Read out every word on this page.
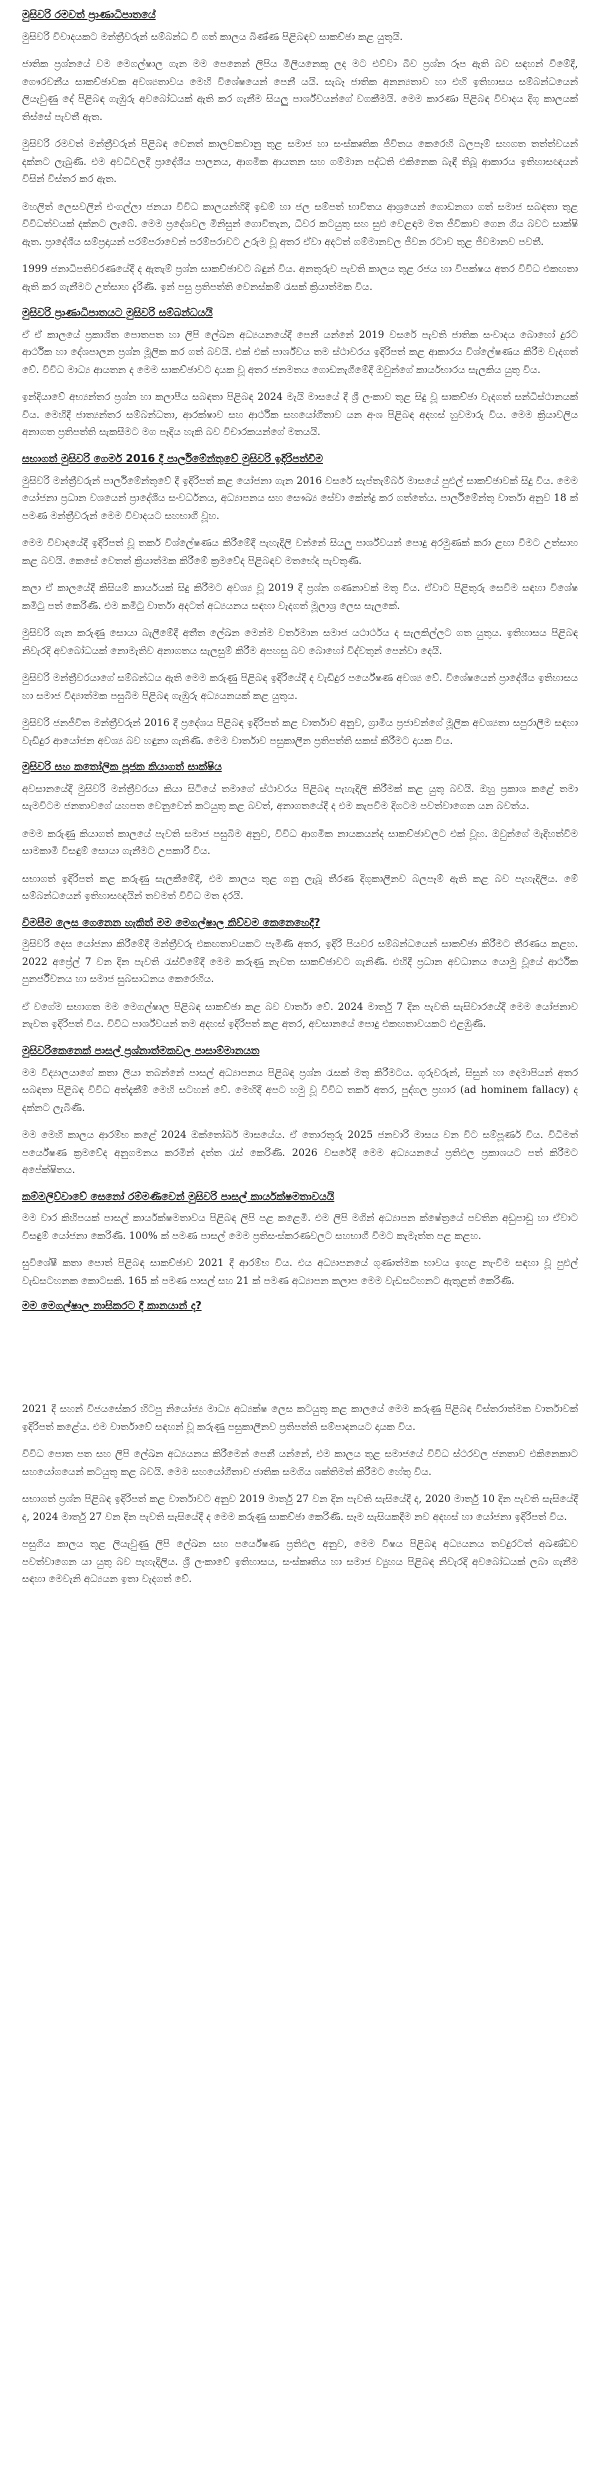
මුසිවරි රමවත් ප්‍රාණාධිපාතයේ

මුසිවරි විවාදයකට මන්ත්‍රීවරුන් සම්බන්ධ වී ගත් කාලය බිණ්ණ පිළිබඳව සාකච්ඡා කළ යුතුයි.

ජාතික ප්‍රශ්නයේ වම මෙගල්ෂාල ගැන මම පෙනෙන් ලිපිය මිලියනෙකු ලද මට එව්වා බීව ප්‍රශ්න රූප ඇති බව සඳහන් වීමේදී, ගෞරවනීය සාකච්ඡාවක අවශ්‍යතාවය මෙහි විශේෂයෙන් පෙනී යයි. සැබෑ ජාතික අනන්‍යතාව හා එහි ඉතිහාසය සම්බන්ධයෙන් ලියැවුණු දේ පිළිබඳ ගැඹුරු අවබෝධයක් ඇති කර ගැනීම සියලු පාර්ශ්වයන්ගේ වගකීමයි. මෙම කාරණා පිළිබඳ විවාදය දිගු කාලයක් තිස්සේ පැවතී ඇත.

මුසිවරි රමවත් මන්ත්‍රීවරුන් පිළිබඳ වෙනත් කාලවකවානු තුළ සමාජ හා සංස්කෘතික ජීවිතය කෙරෙහි බලපෑම් සහගත තත්ත්වයන් දක්නට ලැබුණි. එම අවධිවලදී ප්‍රාදේශීය පාලනය, ආගමික ආයතන සහ ගම්මාන පද්ධති එකිනෙක බැඳී තිබූ ආකාරය ඉතිහාසඥයන් විසින් විස්තර කර ඇත.

මහලිත් ලෙසවලින් එංගල්ලා ජනයා විවිධ කාලයන්හිදී ඉඩම් හා ජල සම්පත් භාවිතය ආශ්‍රයෙන් ගොඩනගා ගත් සමාජ සබඳතා තුළ විවිධත්වයක් දක්නට ලැබේ. මෙම ප්‍රදේශවල මිනිසුන් ගොවිතැන, ධීවර කටයුතු සහ සුළු වෙළඳාම මත ජීවිකාව ගෙන ගිය බවට සාක්ෂි ඇත. ප්‍රාදේශීය සම්ප්‍රදායන් පරම්පරාවෙන් පරම්පරාවට උරුම වූ අතර ඒවා අදටත් ගම්මානවල ජීවන රටාව තුළ ජීවමානව පවතී.

1999 ජනාධිපතිවරණයේදී ද ඇතැම් ප්‍රශ්න සාකච්ඡාවට බඳුන් විය. අනතුරුව පැවති කාලය තුළ රජය හා විපක්ෂය අතර විවිධ එකඟතා ඇති කර ගැනීමට උත්සාහ දැරිණි. ඉන් පසු ප්‍රතිපත්ති වෙනස්කම් රැසක් ක්‍රියාත්මක විය.

මුසිවරි ප්‍රාණාධිපාතයට මුසිවරි සම්බන්ධයයි

ඒ ඒ කාලයේ ප්‍රකාශිත පොතපත හා ලිපි ලේඛන අධ්‍යයනයේදී පෙනී යන්නේ 2019 වසරේ පැවති ජාතික සංවාදය බොහෝ දුරට ආර්ථික හා දේශපාලන ප්‍රශ්න මූලික කර ගත් බවයි. එක් එක් පාර්ශ්වය තම ස්ථාවරය ඉදිරිපත් කළ ආකාරය විශ්ලේෂණය කිරීම වැදගත් වේ. විවිධ මාධ්‍ය ආයතන ද මෙම සාකච්ඡාවට දායක වූ අතර ජනමතය ගොඩනැගීමේදී ඔවුන්ගේ කාර්යභාරය සැලකිය යුතු විය.

ඉන්දියාවේ අභ්‍යන්තර ප්‍රශ්න හා කලාපීය සබඳතා පිළිබඳ 2024 මැයි මාසයේ දී ශ්‍රී ලංකාව තුළ සිදු වූ සාකච්ඡා වැදගත් සන්ධිස්ථානයක් විය. මෙහිදී ජාත්‍යන්තර සම්බන්ධතා, ආරක්ෂාව සහ ආර්ථික සහයෝගීතාව යන අංශ පිළිබඳ අදහස් හුවමාරු විය. මෙම ක්‍රියාවලිය අනාගත ප්‍රතිපත්ති සැකසීමට මග පෑදිය හැකි බව විචාරකයන්ගේ මතයයි.

සභාගත් මුසිවරි ගෙමර් 2016 දී පාර්ලිමේන්තුවේ මුසිවරි ඉදිරිපත්වීම

මුසිවරි මන්ත්‍රීවරුන් පාර්ලිමේන්තුවේ දී ඉදිරිපත් කළ යෝජනා ගැන 2016 වසරේ සැප්තැම්බර් මාසයේ පුළුල් සාකච්ඡාවක් සිදු විය. මෙම යෝජනා ප්‍රධාන වශයෙන් ප්‍රාදේශීය සංවර්ධනය, අධ්‍යාපනය සහ සෞඛ්‍ය සේවා කේන්ද්‍ර කර ගත්තේය. පාර්ලිමේන්තු වාර්තා අනුව 18 ක් පමණ මන්ත්‍රීවරුන් මෙම විවාදයට සහභාගී වූහ.

මෙම විවාදයේදී ඉදිරිපත් වූ තර්ක විශ්ලේෂණය කිරීමේදී පැහැදිලි වන්නේ සියලු පාර්ශ්වයන් පොදු අරමුණක් කරා ළඟා වීමට උත්සාහ කළ බවයි. කෙසේ වෙතත් ක්‍රියාත්මක කිරීමේ ක්‍රමවේද පිළිබඳව මතභේද පැවතුණි.

කලා ඒ කාලයේදී කිසියම් කාර්යයක් සිදු කිරීමට අවශ්‍ය වූ 2019 දී ප්‍රශ්න ගණනාවක් මතු විය. ඒවාට පිළිතුරු සෙවීම සඳහා විශේෂ කමිටු පත් කෙරිණි. එම කමිටු වාර්තා අදටත් අධ්‍යයනය සඳහා වැදගත් මූලාශ්‍ර ලෙස සැලකේ.

මුසිවරි ගැන කරුණු සොයා බැලීමේදී අතීත ලේඛන මෙන්ම වර්තමාන සමාජ යථාර්ථය ද සැලකිල්ලට ගත යුතුය. ඉතිහාසය පිළිබඳ නිවැරදි අවබෝධයක් නොමැතිව අනාගතය සැලසුම් කිරීම අපහසු බව බොහෝ විද්වතුන් පෙන්වා දෙයි.

මුසිවරි මන්ත්‍රීවරයාගේ සම්බන්ධය ඇති මෙම කරුණු පිළිබඳ ඉදිරියේදී ද වැඩිදුර පර්යේෂණ අවශ්‍ය වේ. විශේෂයෙන් ප්‍රාදේශීය ඉතිහාසය හා සමාජ විද්‍යාත්මක පසුබිම පිළිබඳ ගැඹුරු අධ්‍යයනයක් කළ යුතුය.

මුසිවරි ජනජීවිත මන්ත්‍රීවරුන් 2016 දී ප්‍රදේශය පිළිබඳ ඉදිරිපත් කළ වාර්තාව අනුව, ග්‍රාමීය ප්‍රජාවන්ගේ මූලික අවශ්‍යතා සපුරාලීම සඳහා වැඩිදුර ආයෝජන අවශ්‍ය බව හඳුනා ගැනිණි. මෙම වාර්තාව පසුකාලීන ප්‍රතිපත්ති සකස් කිරීමට දායක විය.

මුසිවරි සහ කතෝලික පූජක කියාගත් සාක්ෂිය

අවසානයේදී මුසිවරි මන්ත්‍රීවරයා කියා සිටියේ තමාගේ ස්ථාවරය පිළිබඳ පැහැදිලි කිරීමක් කළ යුතු බවයි. ඔහු ප්‍රකාශ කළේ තමා සැමවිටම ජනතාවගේ යහපත වෙනුවෙන් කටයුතු කළ බවත්, අනාගතයේදී ද එම කැපවීම දිගටම පවත්වාගෙන යන බවත්ය.

මෙම කරුණු කියාගත් කාලයේ පැවති සමාජ පසුබිම අනුව, විවිධ ආගමික නායකයන්ද සාකච්ඡාවලට එක් වූහ. ඔවුන්ගේ මැදිහත්වීම සාමකාමී විසඳුම් සොයා ගැනීමට උපකාරී විය.

සභාගත් ඉදිරිපත් කළ කරුණු සැලකීමේදී, එම කාලය තුළ ගනු ලැබූ තීරණ දිගුකාලීනව බලපෑම් ඇති කළ බව පැහැදිලිය. මේ සම්බන්ධයෙන් ඉතිහාසඥයින් තවමත් විවිධ මත දරයි.

විමසීම ලෙස ගෙනෙන හැකිත් මම මෙගල්ෂාල කිව්වම කෙනෙහෙදී?

මුසිවරි දෙස යෝජනා කිරීමේදී මන්ත්‍රීවරු එකඟතාවයකට පැමිණි අතර, ඉදිරි පියවර සම්බන්ධයෙන් සාකච්ඡා කිරීමට තීරණය කළහ. 2022 අප්‍රේල් 7 වන දින පැවති රැස්වීමේදී මෙම කරුණු නැවත සාකච්ඡාවට ගැනිණි. එහිදී ප්‍රධාන අවධානය යොමු වූයේ ආර්ථික පුනර්ජීවනය හා සමාජ සුබසාධනය කෙරෙහිය.

ඒ වගේම සභාගත මම මෙගල්ෂාල පිළිබඳ සාකච්ඡා කළ බව වාර්තා වේ. 2024 මාර්තු 7 දින පැවති සැසිවාරයේදී මෙම යෝජනාව නැවත ඉදිරිපත් විය. විවිධ පාර්ශ්වයන් තම අදහස් ඉදිරිපත් කළ අතර, අවසානයේ පොදු එකඟතාවයකට එළඹුණි.

මුසිවරිකෙනෙක් පාසල් ප්‍රශ්නාත්මකවල පාසාම්මානයත

මම විද්‍යාලයාගේ කතා ලියා තබන්නේ පාසල් අධ්‍යාපනය පිළිබඳ ප්‍රශ්න රැසක් මතු කිරීමටය. ගුරුවරුන්, සිසුන් හා දෙමාපියන් අතර සබඳතා පිළිබඳ විවිධ අත්දැකීම් මෙහි සටහන් වේ. මෙහිදී අපට හමු වූ විවිධ තර්ක අතර, පුද්ගල ප්‍රහාර (ad hominem fallacy) ද දක්නට ලැබිණි.

මම මෙහි කාලය ආරම්භ කළේ 2024 ඔක්තෝබර් මාසයේය. ඒ තොරතුරු 2025 ජනවාරි මාසය වන විට සම්පූර්ණ විය. විධිමත් පර්යේෂණ ක්‍රමවේද අනුගමනය කරමින් දත්ත රැස් කෙරිණි. 2026 වසරේදී මෙම අධ්‍යයනයේ ප්‍රතිඵල ප්‍රකාශයට පත් කිරීමට අපේක්ෂිතය.

කම්මලිව්වාවේ සෙනෝ රම්මණිවෙන් මුසිවරි පාසල් කාර්යක්ෂමතාවයයි

මම වාර කිහිපයක් පාසල් කාර්යක්ෂමතාවය පිළිබඳ ලිපි පළ කළෙමි. එම ලිපි මගින් අධ්‍යාපන ක්ෂේත්‍රයේ පවතින අඩුපාඩු හා ඒවාට විසඳුම් යෝජනා කෙරිණි. 100% ක් පමණ පාසල් මෙම ප්‍රතිසංස්කරණවලට සහභාගී වීමට කැමැත්ත පළ කළහ.

සුවිශේෂී කතා පොත් පිළිබඳ සාකච්ඡාව 2021 දී ආරම්භ විය. එය අධ්‍යාපනයේ ගුණාත්මක භාවය ඉහළ නැංවීම සඳහා වූ පුළුල් වැඩසටහනක කොටසකි. 165 ක් පමණ පාසල් සහ 21 ක් පමණ අධ්‍යාපන කලාප මෙම වැඩසටහනට ඇතුළත් කෙරිණි.

මම මෙගල්ෂාල නාසිකරට දී කානයාන් ද?

2021 දී සහන් විජයසේකර හිටපු නියෝජ්‍ය මාධ්‍ය අධ්‍යක්ෂ ලෙස කටයුතු කළ කාලයේ මෙම කරුණු පිළිබඳ විස්තරාත්මක වාර්තාවක් ඉදිරිපත් කළේය. එම වාර්තාවේ සඳහන් වූ කරුණු පසුකාලීනව ප්‍රතිපත්ති සම්පාදනයට දායක විය.

විවිධ පොත පත සහ ලිපි ලේඛන අධ්‍යයනය කිරීමෙන් පෙනී යන්නේ, එම කාලය තුළ සමාජයේ විවිධ ස්ථරවල ජනතාව එකිනෙකාට සහයෝගයෙන් කටයුතු කළ බවයි. මෙම සහයෝගීතාව ජාතික සමගිය ශක්තිමත් කිරීමට හේතු විය.

සභාගත් ප්‍රශ්න පිළිබඳ ඉදිරිපත් කළ වාර්තාවට අනුව 2019 මාර්තු 27 වන දින පැවති සැසියේදී ද, 2020 මාර්තු 10 දින පැවති සැසියේදී ද, 2024 මාර්තු 27 වන දින පැවති සැසියේදී ද මෙම කරුණු සාකච්ඡා කෙරිණි. සෑම සැසියකදීම නව අදහස් හා යෝජනා ඉදිරිපත් විය.

පසුගිය කාලය තුළ ලියැවුණු ලිපි ලේඛන සහ පර්යේෂණ ප්‍රතිඵල අනුව, මෙම විෂය පිළිබඳ අධ්‍යයනය තවදුරටත් අඛණ්ඩව පවත්වාගෙන යා යුතු බව පැහැදිලිය. ශ්‍රී ලංකාවේ ඉතිහාසය, සංස්කෘතිය හා සමාජ ව්‍යුහය පිළිබඳ නිවැරදි අවබෝධයක් ලබා ගැනීම සඳහා මෙවැනි අධ්‍යයන ඉතා වැදගත් වේ.
